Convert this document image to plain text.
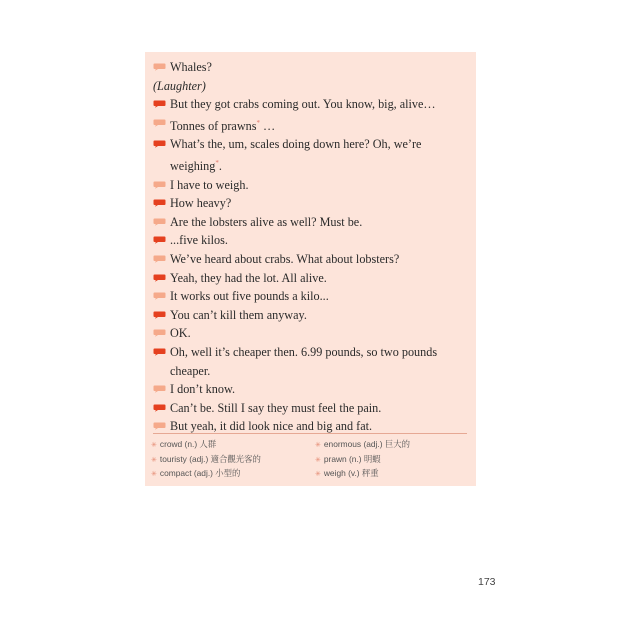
Whales?
(Laughter)
But they got crabs coming out. You know, big, alive…
Tonnes of prawns* …
What’s the, um, scales doing down here? Oh, we’re weighing*.
I have to weigh.
How heavy?
Are the lobsters alive as well? Must be.
...five kilos.
We’ve heard about crabs. What about lobsters?
Yeah, they had the lot. All alive.
It works out five pounds a kilo...
You can’t kill them anyway.
OK.
Oh, well it’s cheaper then. 6.99 pounds, so two pounds cheaper.
I don’t know.
Can’t be. Still I say they must feel the pain.
But yeah, it did look nice and big and fat.
✳ crowd (n.) 人群
✳ touristy (adj.) 適合觀光客的
✳ compact (adj.) 小型的
✳ enormous (adj.) 巨大的
✳ prawn (n.) 明蝦
✳ weigh (v.) 秤重
173
